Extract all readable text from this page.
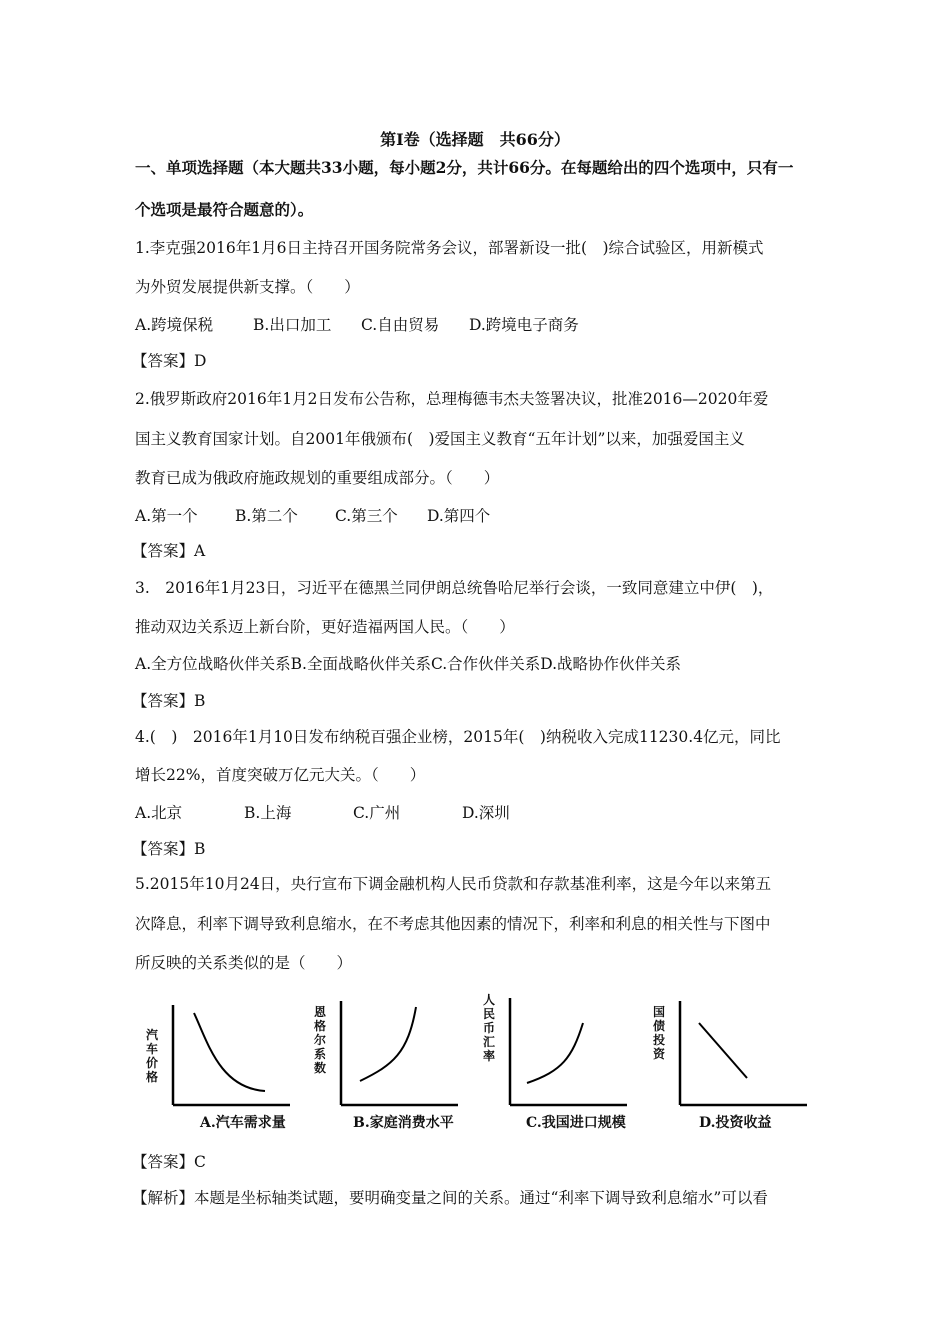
第Ⅰ卷（选择题　共66分）
一、单项选择题（本大题共33小题，每小题2分，共计66分。在每题给出的四个选项中，只有一
个选项是最符合题意的）。
1.李克强2016年1月6日主持召开国务院常务会议，部署新设一批(　)综合试验区，用新模式
为外贸发展提供新支撑。（　　）
A.跨境保税	B.出口加工 C.自由贸易 D.跨境电子商务
【答案】D
2.俄罗斯政府2016年1月2日发布公告称，总理梅德韦杰夫签署决议，批准2016—2020年爱
国主义教育国家计划。自2001年俄颁布(　)爱国主义教育“五年计划”以来，加强爱国主义
教育已成为俄政府施政规划的重要组成部分。（　　）
A.第一个 B.第二个 C.第三个 D.第四个
【答案】A
3.　2016年1月23日，习近平在德黑兰同伊朗总统鲁哈尼举行会谈，一致同意建立中伊(　)，
推动双边关系迈上新台阶，更好造福两国人民。（　　）
A.全方位战略伙伴关系B.全面战略伙伴关系C.合作伙伴关系D.战略协作伙伴关系
【答案】B
4.(　)　2016年1月10日发布纳税百强企业榜，2015年(　)纳税收入完成11230.4亿元，同比
增长22%，首度突破万亿元大关。（　　）
A.北京	B.上海	C.广州	D.深圳
【答案】B
5.2015年10月24日，央行宣布下调金融机构人民币贷款和存款基准利率，这是今年以来第五
次降息，利率下调导致利息缩水，在不考虑其他因素的情况下，利率和利息的相关性与下图中
所反映的关系类似的是（　　）
汽车价格
A.汽车需求量
恩格尔系数
B.家庭消费水平
人民币汇率
C.我国进口规模
国债投资
D.投资收益
【答案】C
【解析】本题是坐标轴类试题，要明确变量之间的关系。通过“利率下调导致利息缩水”可以看
